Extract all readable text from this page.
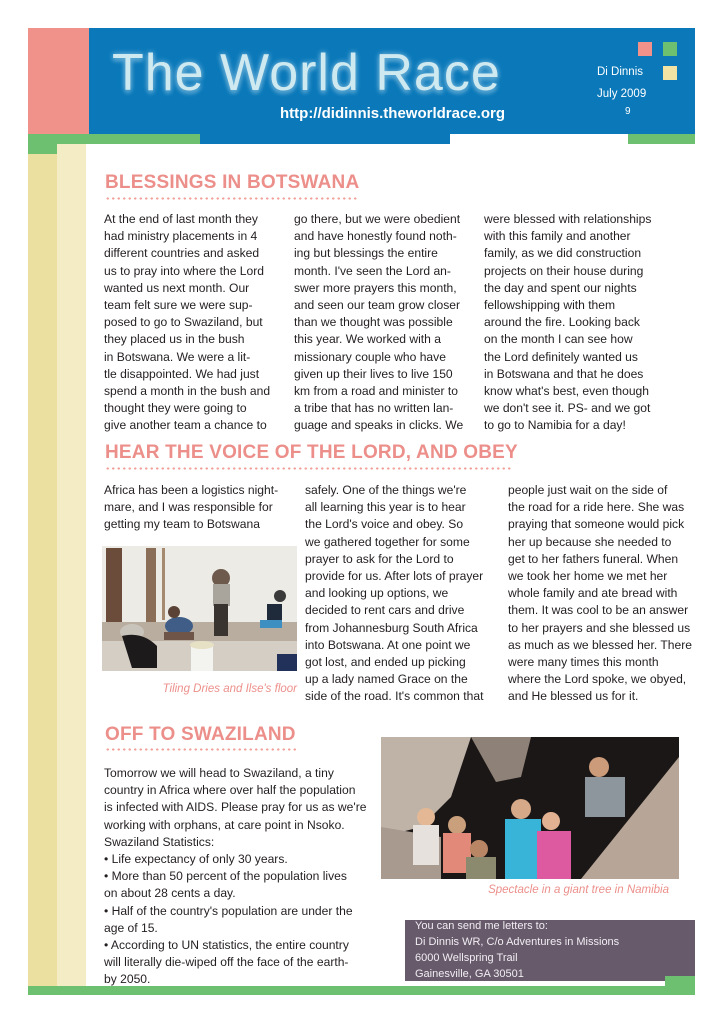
The World Race
http://didinnis.theworldrace.org
Di Dinnis
July 2009
9
BLESSINGS IN BOTSWANA

At the end of last month they

had ministry placements in 4

different countries and asked

us to pray into where the Lord

wanted us next month. Our

team felt sure we were sup-

posed to go to Swaziland, but

they placed us in the bush

in Botswana. We were a lit-

tle disappointed. We had just

spend a month in the bush and

thought they were going to

give another team a chance to

go there, but we were obedient

and have honestly found noth-

ing but blessings the entire

month. I've seen the Lord an-

swer more prayers this month,

and seen our team grow closer

than we thought was possible

this year. We worked with a

missionary couple who have

given up their lives to live 150

km from a road and minister to

a tribe that has no written lan-

guage and speaks in clicks. We

were blessed with relationships

with this family and another

family, as we did construction

projects on their house during

the day and spent our nights

fellowshipping with them

around the fire. Looking back

on the month I can see how

the Lord definitely wanted us

in Botswana and that he does

know what's best, even though

we don't see it. PS- and we got

to go to Namibia for a day!

HEAR THE VOICE OF THE LORD, AND OBEY

Africa has been a logistics night-

mare, and I was responsible for

getting my team to Botswana

Tiling Dries and Ilse's floor

safely. One of the things we're

all learning this year is to hear

the Lord's voice and obey. So

we gathered together for some

prayer to ask for the Lord to

provide for us. After lots of prayer

and looking up options, we

decided to rent cars and drive

from Johannesburg South Africa

into Botswana. At one point we

got lost, and ended up picking

up a lady named Grace on the

side of the road. It's common that

people just wait on the side of

the road for a ride here. She was

praying that someone would pick

her up because she needed to

get to her fathers funeral. When

we took her home we met her

whole family and ate bread with

them. It was cool to be an answer

to her prayers and she blessed us

as much as we blessed her. There

were many times this month

where the Lord spoke, we obyed,

and He blessed us for it.

OFF TO SWAZILAND

Tomorrow we will head to Swaziland, a tiny

country in Africa where over half the population

is infected with AIDS. Please pray for us as we're

working with orphans, at care point in Nsoko.

Swaziland Statistics:

• Life expectancy of only 30 years.

• More than 50 percent of the population lives

on about 28 cents a day.

• Half of the country's population are under the

age of 15.

• According to UN statistics, the entire country

will literally die-wiped off the face of the earth-

by 2050.

Spectacle in a giant tree in Namibia
You can send me letters to:
Di Dinnis WR, C/o Adventures in Missions
6000 Wellspring Trail
Gainesville, GA 30501
